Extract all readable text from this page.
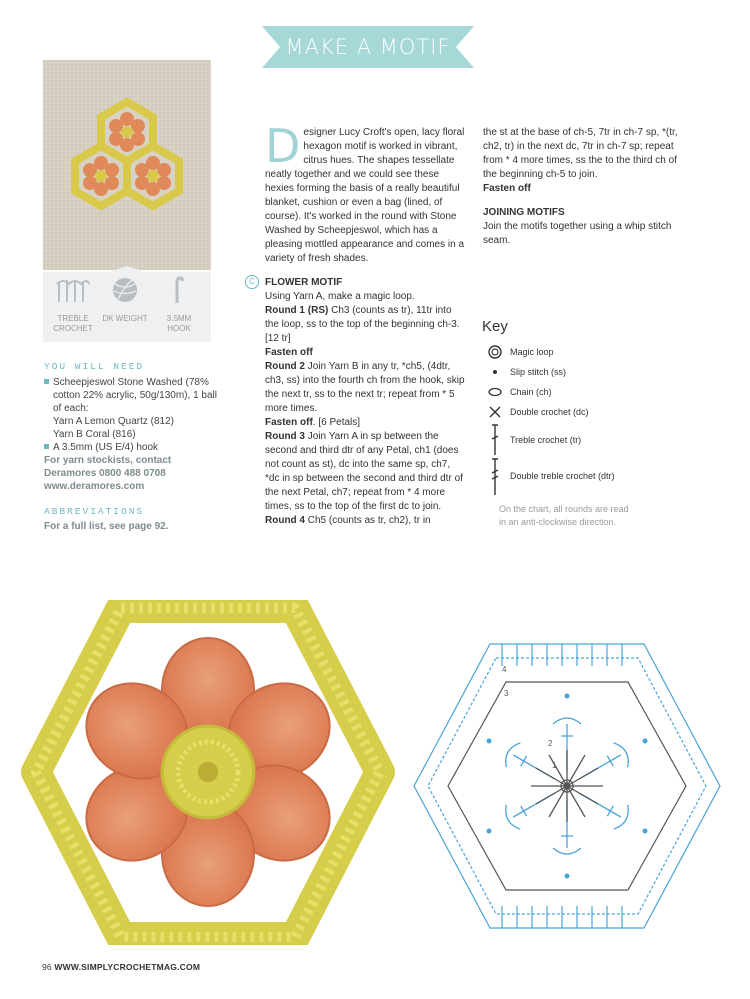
MAKE A MOTIF
TREBLE CROCHET
DK WEIGHT	3.5MM HOOK
YOU WILL NEED
Scheepjeswol Stone Washed (78% cotton 22% acrylic, 50g/130m), 1 ball of each:
Yarn A Lemon Quartz (812)
Yarn B Coral (816)
A 3.5mm (US E/4) hook
For yarn stockists, contact
Deramores 0800 488 0708
www.deramores.com
ABBREVIATIONS
For a full list, see page 92.
Designer Lucy Croft's open, lacy floral hexagon motif is worked in vibrant, citrus hues. The shapes tessellate neatly together and we could see these hexies forming the basis of a really beautiful blanket, cushion or even a bag (lined, of course). It's worked in the round with Stone Washed by Scheepjeswol, which has a pleasing mottled appearance and comes in a variety of fresh shades.
C	FLOWER MOTIF
Using Yarn A, make a magic loop.
Round 1 (RS) Ch3 (counts as tr), 11tr into the loop, ss to the top of the beginning ch-3. [12 tr]
Fasten off
Round 2 Join Yarn B in any tr, *ch5, (4dtr, ch3, ss) into the fourth ch from the hook, skip the next tr, ss to the next tr; repeat from * 5 more times.
Fasten off. [6 Petals]
Round 3 Join Yarn A in sp between the second and third dtr of any Petal, ch1 (does not count as st), dc into the same sp, ch7, *dc in sp between the second and third dtr of the next Petal, ch7; repeat from * 4 more times, ss to the top of the first dc to join.
Round 4 Ch5 (counts as tr, ch2), tr in
the st at the base of ch-5, 7tr in ch-7 sp, *(tr, ch2, tr) in the next dc, 7tr in ch-7 sp; repeat from * 4 more times, ss the to the third ch of the beginning ch-5 to join.
Fasten off
JOINING MOTIFS
Join the motifs together using a whip stitch seam.
Key
Magic loop
Slip stitch (ss)
Chain (ch)
Double crochet (dc)
Treble crochet (tr)
Double treble crochet (dtr)
On the chart, all rounds are read in an anti-clockwise direction.
4
3
2
1
96 WWW.SIMPLYCROCHETMAG.COM
